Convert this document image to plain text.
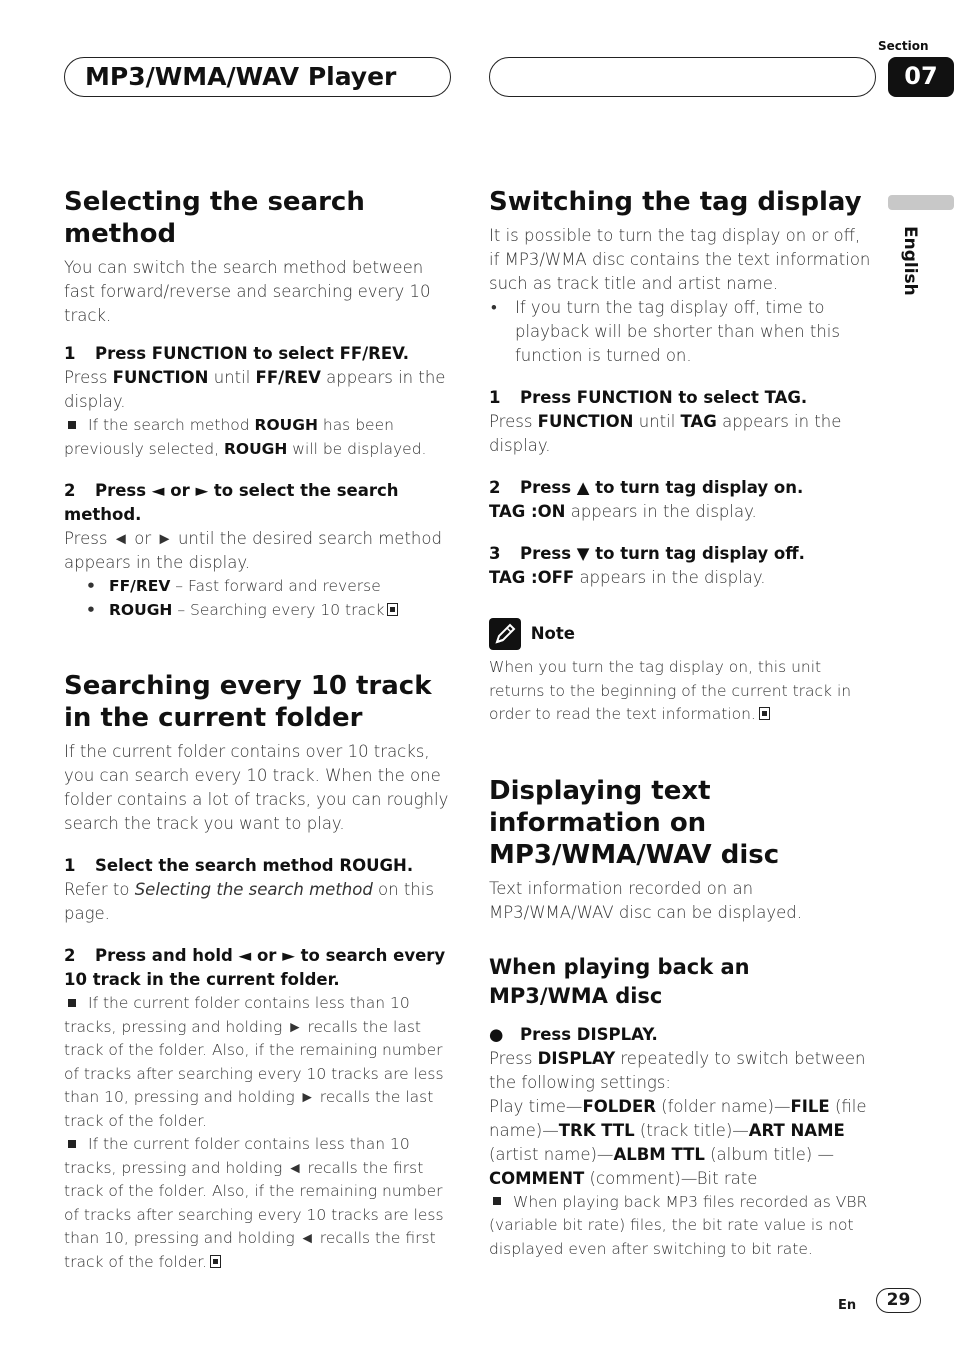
MP3/WMA/WAV Player
Section
07
English
Selecting the search method

You can switch the search method between fast forward/reverse and searching every 10 track.

1 Press FUNCTION to select FF/REV.

Press FUNCTION until FF/REV appears in the display.

If the search method ROUGH has been previously selected, ROUGH will be displayed.

2 Press ◄ or ► to select the search method.

Press ◄ or ► until the desired search method appears in the display.

• FF/REV – Fast forward and reverse
• ROUGH – Searching every 10 track
Searching every 10 track in the current folder

If the current folder contains over 10 tracks, you can search every 10 track. When the one folder contains a lot of tracks, you can roughly search the track you want to play.

1 Select the search method ROUGH.

Refer to Selecting the search method on this page.

2 Press and hold ◄ or ► to search every 10 track in the current folder.

If the current folder contains less than 10 tracks, pressing and holding ► recalls the last track of the folder. Also, if the remaining number of tracks after searching every 10 tracks are less than 10, pressing and holding ► recalls the last track of the folder.

If the current folder contains less than 10 tracks, pressing and holding ◄ recalls the first track of the folder. Also, if the remaining number of tracks after searching every 10 tracks are less than 10, pressing and holding ◄ recalls the first track of the folder.

Switching the tag display

It is possible to turn the tag display on or off, if MP3/WMA disc contains the text information such as track title and artist name.

• If you turn the tag display off, time to playback will be shorter than when this function is turned on.
1 Press FUNCTION to select TAG.

Press FUNCTION until TAG appears in the display.

2 Press ▲ to turn tag display on.

TAG :ON appears in the display.

3 Press ▼ to turn tag display off.

TAG :OFF appears in the display.

Note

When you turn the tag display on, this unit returns to the beginning of the current track in order to read the text information.

Displaying text information on MP3/WMA/WAV disc

Text information recorded on an MP3/WMA/WAV disc can be displayed.

When playing back an MP3/WMA disc
● Press DISPLAY.

Press DISPLAY repeatedly to switch between the following settings:

Play time—FOLDER (folder name)—FILE (file name)—TRK TTL (track title)—ART NAME (artist name)—ALBM TTL (album title) —COMMENT (comment)—Bit rate

When playing back MP3 files recorded as VBR (variable bit rate) files, the bit rate value is not displayed even after switching to bit rate.

En	29
